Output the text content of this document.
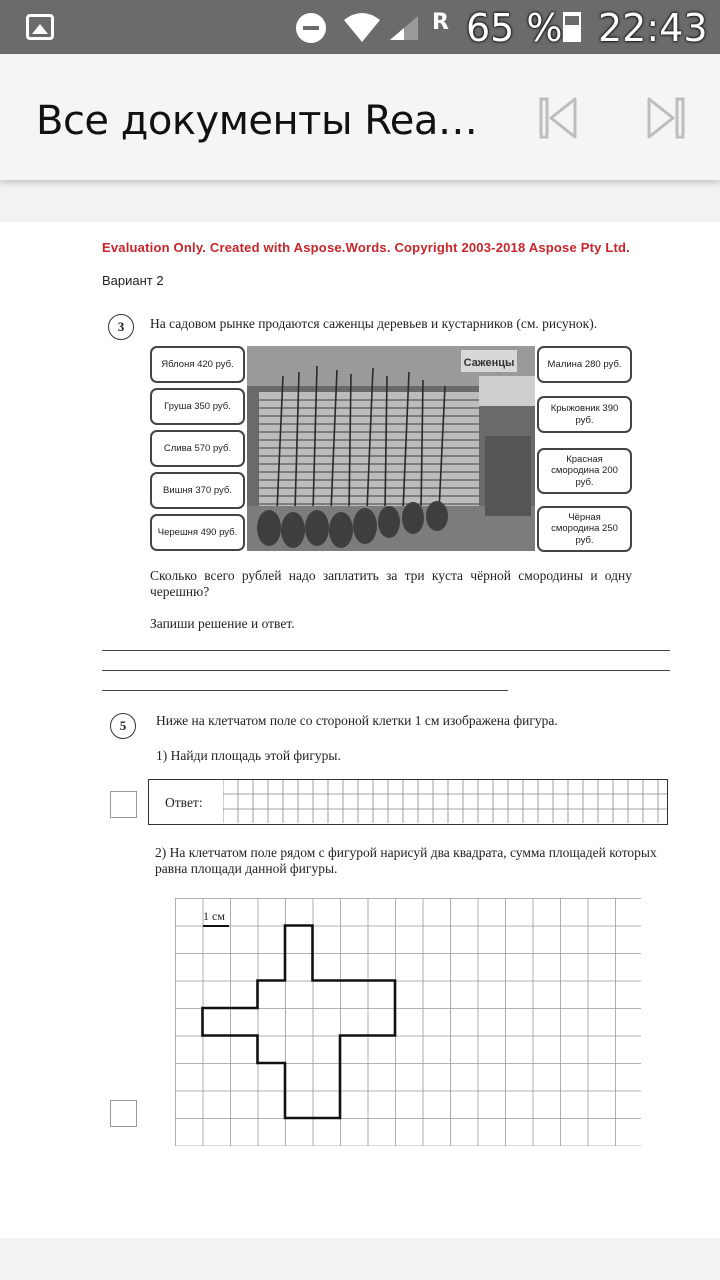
R 65 % 22:43
Все документы Rea…
Evaluation Only. Created with Aspose.Words. Copyright 2003-2018 Aspose Pty Ltd.
Вариант 2
3	На садовом рынке продаются саженцы деревьев и кустарников (см. рисунок).
Яблоня 420 руб.
Груша 350 руб.
Слива 570 руб.
Вишня 370 руб.
Черешня 490 руб.
Малина 280 руб.
Крыжовник 390 руб.
Красная смородина 200 руб.
Чёрная смородина 250 руб.
Саженцы
Сколько всего рублей надо заплатить за три куста чёрной смородины и одну черешню?
Запиши решение и ответ.
5	Ниже на клетчатом поле со стороной клетки 1 см изображена фигура.
1) Найди площадь этой фигуры.
Ответ:
2) На клетчатом поле рядом с фигурой нарисуй два квадрата, сумма площадей которых равна площади данной фигуры.
1 см
